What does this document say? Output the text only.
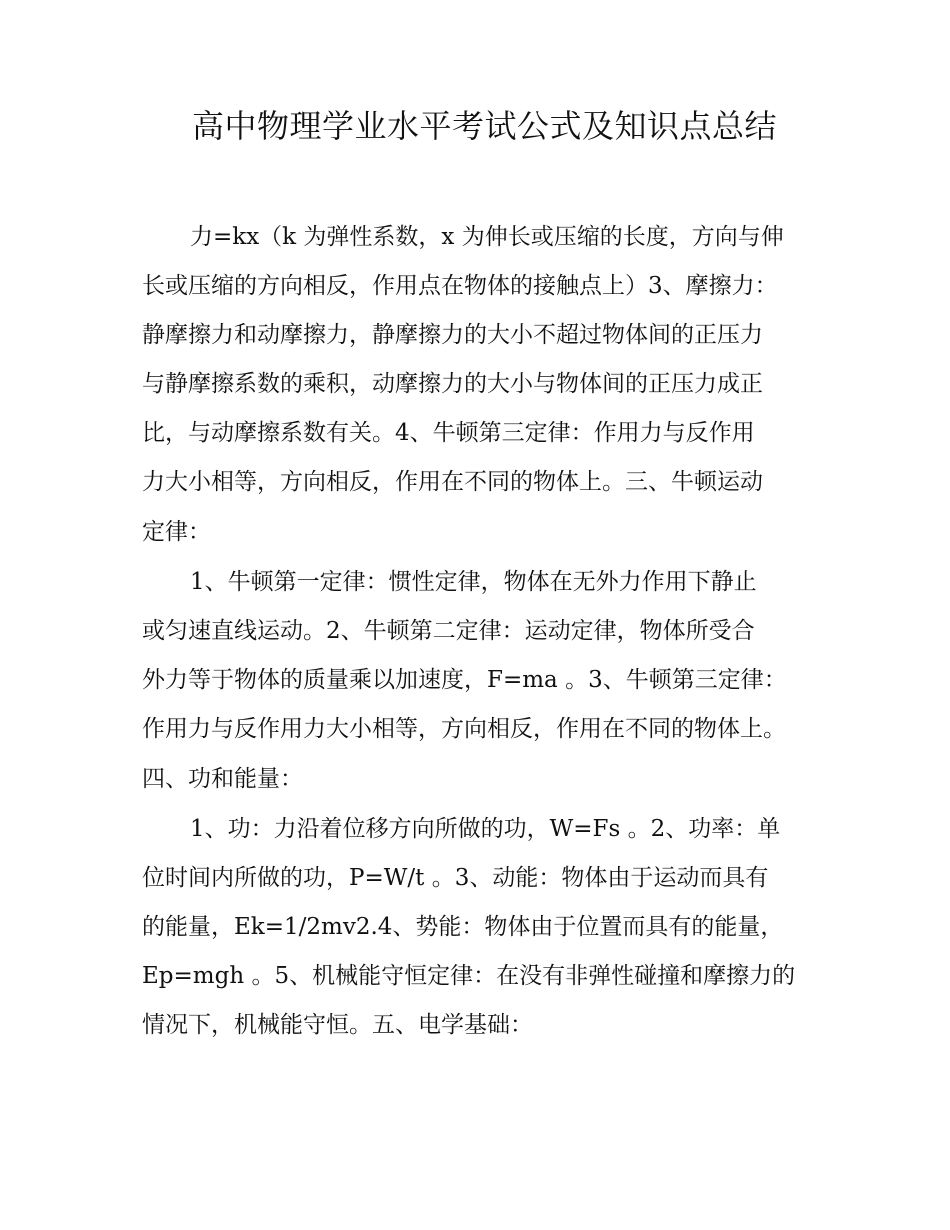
高中物理学业水平考试公式及知识点总结
力=kx（k 为弹性系数，x 为伸长或压缩的长度，方向与伸
长或压缩的方向相反，作用点在物体的接触点上）3、摩擦力：
静摩擦力和动摩擦力，静摩擦力的大小不超过物体间的正压力
与静摩擦系数的乘积，动摩擦力的大小与物体间的正压力成正
比，与动摩擦系数有关。4、牛顿第三定律：作用力与反作用
力大小相等，方向相反，作用在不同的物体上。三、牛顿运动
定律：
1、牛顿第一定律：惯性定律，物体在无外力作用下静止
或匀速直线运动。2、牛顿第二定律：运动定律，物体所受合
外力等于物体的质量乘以加速度，F=ma 。3、牛顿第三定律：
作用力与反作用力大小相等，方向相反，作用在不同的物体上。
四、功和能量：
1、功：力沿着位移方向所做的功，W=Fs 。2、功率：单
位时间内所做的功，P=W/t 。3、动能：物体由于运动而具有
的能量，Ek=1/2mv2.4、势能：物体由于位置而具有的能量，
Ep=mgh 。5、机械能守恒定律：在没有非弹性碰撞和摩擦力的
情况下，机械能守恒。五、电学基础：
